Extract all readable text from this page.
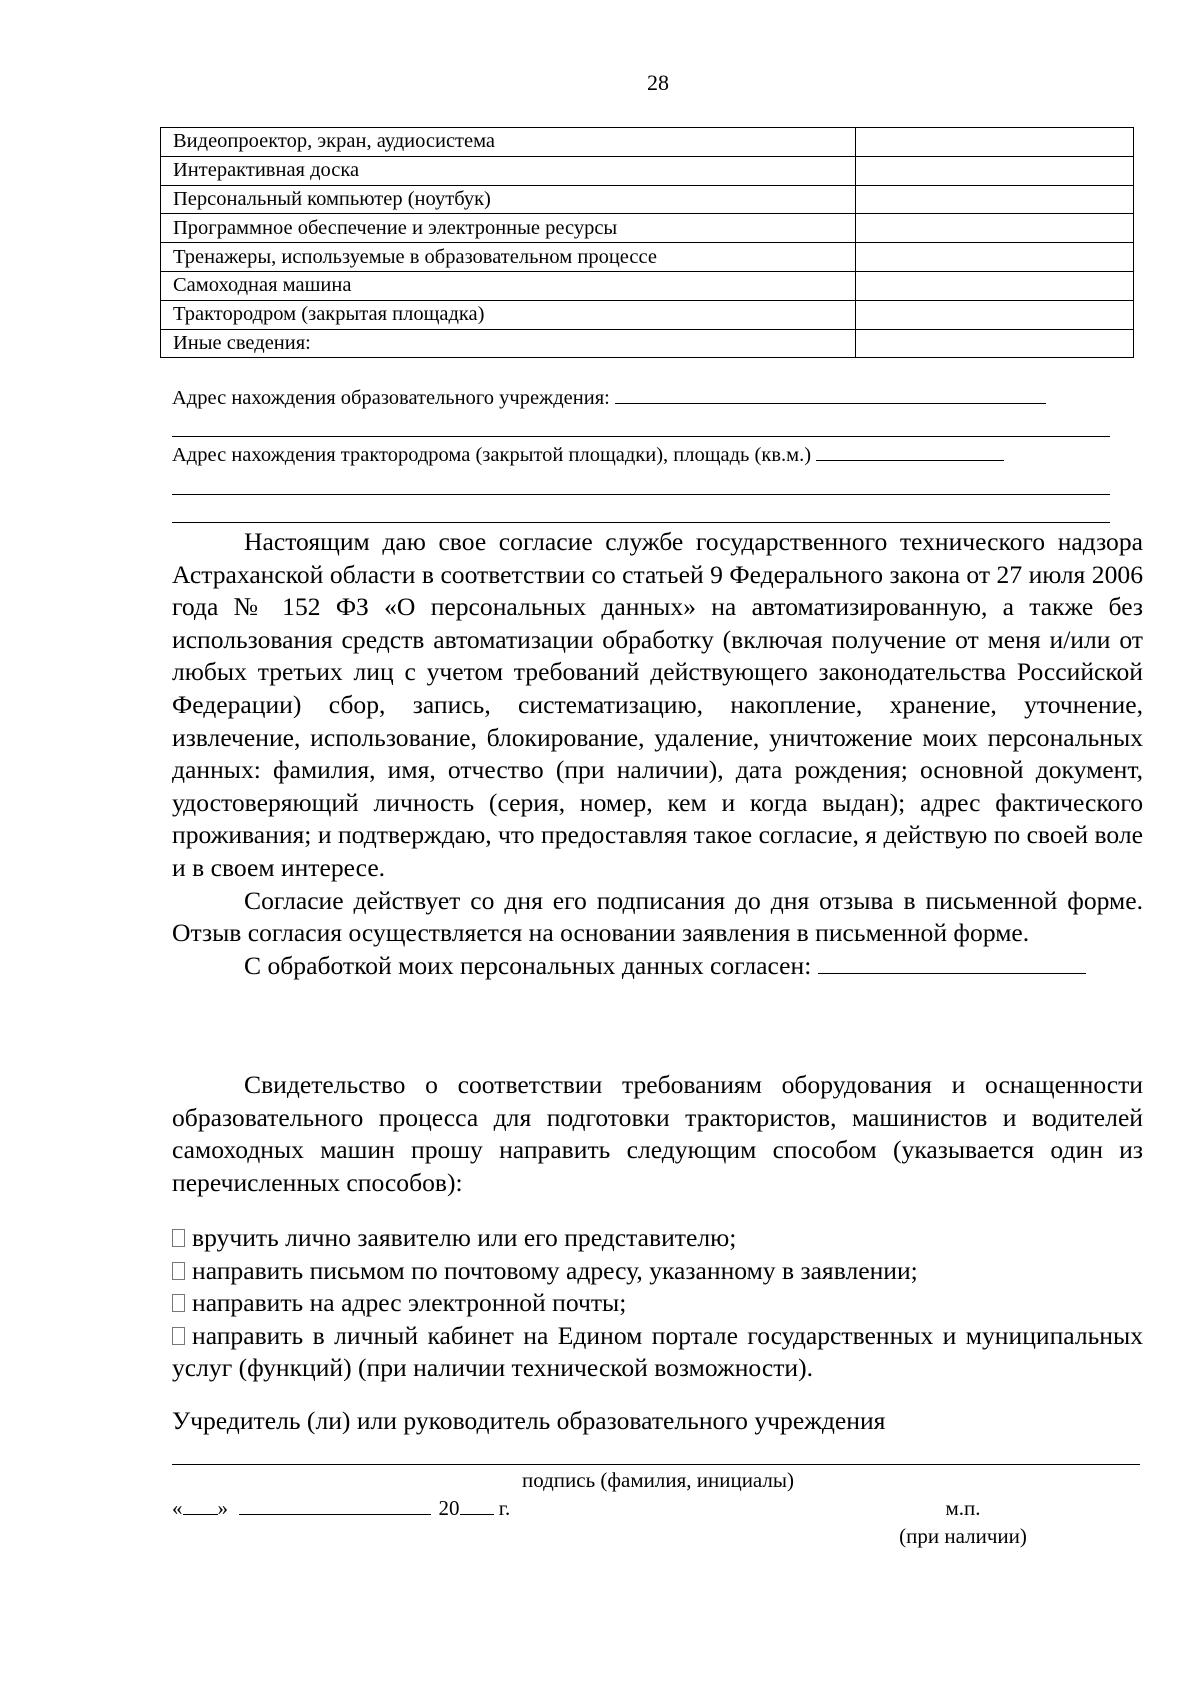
28
Видеопроектор, экран, аудиосистема	
Интерактивная доска	
Персональный компьютер (ноутбук)	
Программное обеспечение и электронные ресурсы	
Тренажеры, используемые в образовательном процессе	
Самоходная машина	
Трактородром (закрытая площадка)	
Иные сведения:	
Адрес нахождения образовательного учреждения:
Адрес нахождения трактородрома (закрытой площадки), площадь (кв.м.)

Настоящим даю свое согласие службе государственного технического надзора Астраханской области в соответствии со статьей 9 Федерального закона от 27 июля 2006 года № 152 ФЗ «О персональных данных» на автоматизированную, а также без использования средств автоматизации обработку (включая получение от меня и/или от любых третьих лиц с учетом требований действующего законодательства Российской Федерации) сбор, запись, систематизацию, накопление, хранение, уточнение, извлечение, использование, блокирование, удаление, уничтожение моих персональных данных: фамилия, имя, отчество (при наличии), дата рождения; основной документ, удостоверяющий личность (серия, номер, кем и когда выдан); адрес фактического проживания; и подтверждаю, что предоставляя такое согласие, я действую по своей воле и в своем интересе.

Согласие действует со дня его подписания до дня отзыва в письменной форме. Отзыв согласия осуществляется на основании заявления в письменной форме.

С обработкой моих персональных данных согласен:

Свидетельство о соответствии требованиям оборудования и оснащенности образовательного процесса для подготовки трактористов, машинистов и водителей самоходных машин прошу направить следующим способом (указывается один из перечисленных способов):

вручить лично заявителю или его представителю;
направить письмом по почтовому адресу, указанному в заявлении;
направить на адрес электронной почты;
направить в личный кабинет на Едином портале государственных и муниципальных услуг (функций) (при наличии технической возможности).
Учредитель (ли) или руководитель образовательного учреждения
подпись (фамилия, инициалы)
« »	20 г.	м.п.
(при наличии)
